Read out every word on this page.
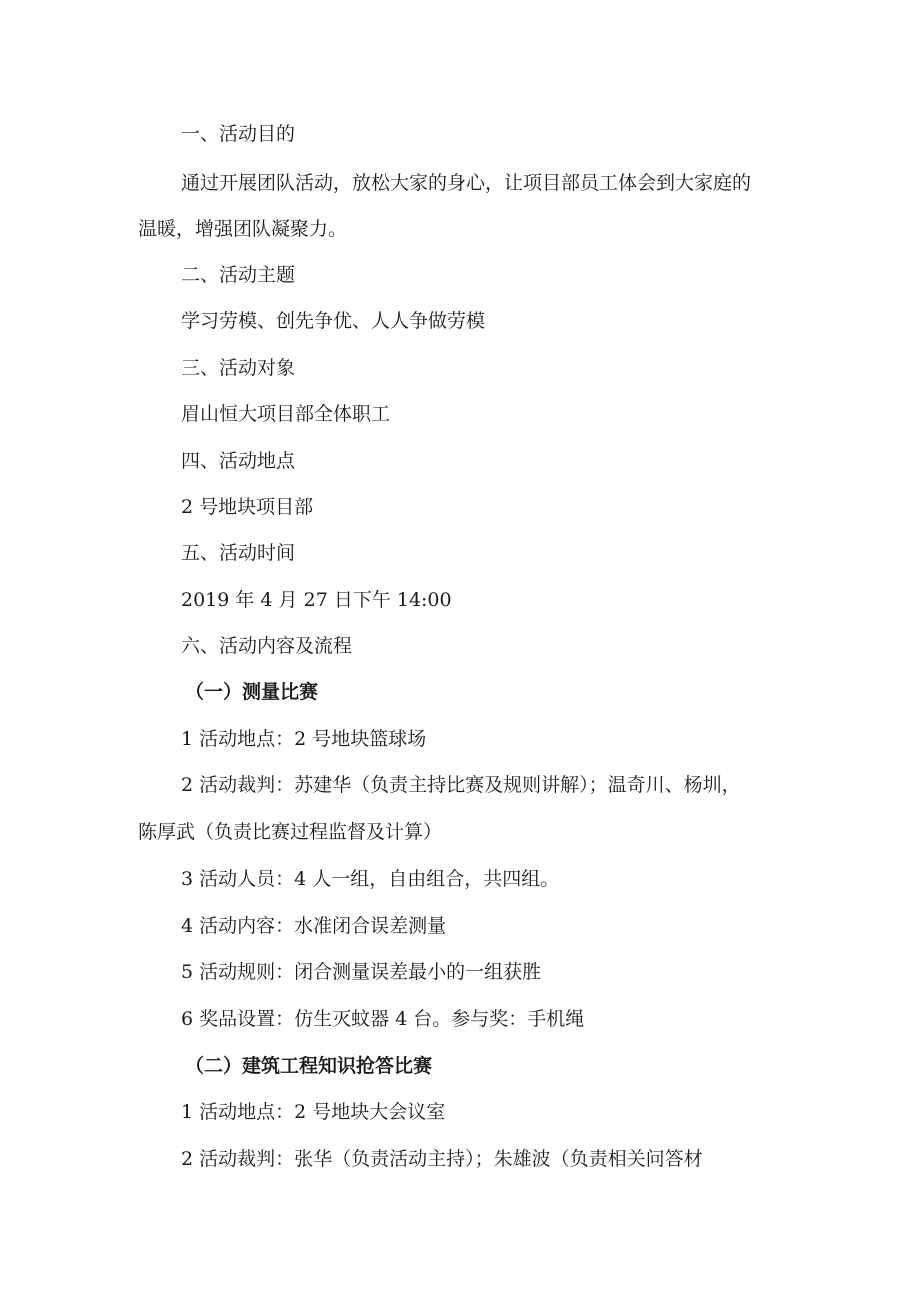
一、活动目的
通过开展团队活动，放松大家的身心，让项目部员工体会到大家庭的
温暖，增强团队凝聚力。
二、活动主题
学习劳模、创先争优、人人争做劳模
三、活动对象
眉山恒大项目部全体职工
四、活动地点
2 号地块项目部
五、活动时间
2019 年 4 月 27 日下午 14:00
六、活动内容及流程
（一）测量比赛
1 活动地点：2 号地块篮球场
2 活动裁判：苏建华（负责主持比赛及规则讲解）；温奇川、杨圳，
陈厚武（负责比赛过程监督及计算）
3 活动人员：4 人一组，自由组合，共四组。
4 活动内容：水准闭合误差测量
5 活动规则：闭合测量误差最小的一组获胜
6 奖品设置：仿生灭蚊器 4 台。参与奖：手机绳
（二）建筑工程知识抢答比赛
1 活动地点：2 号地块大会议室
2 活动裁判：张华（负责活动主持）；朱雄波（负责相关问答材
